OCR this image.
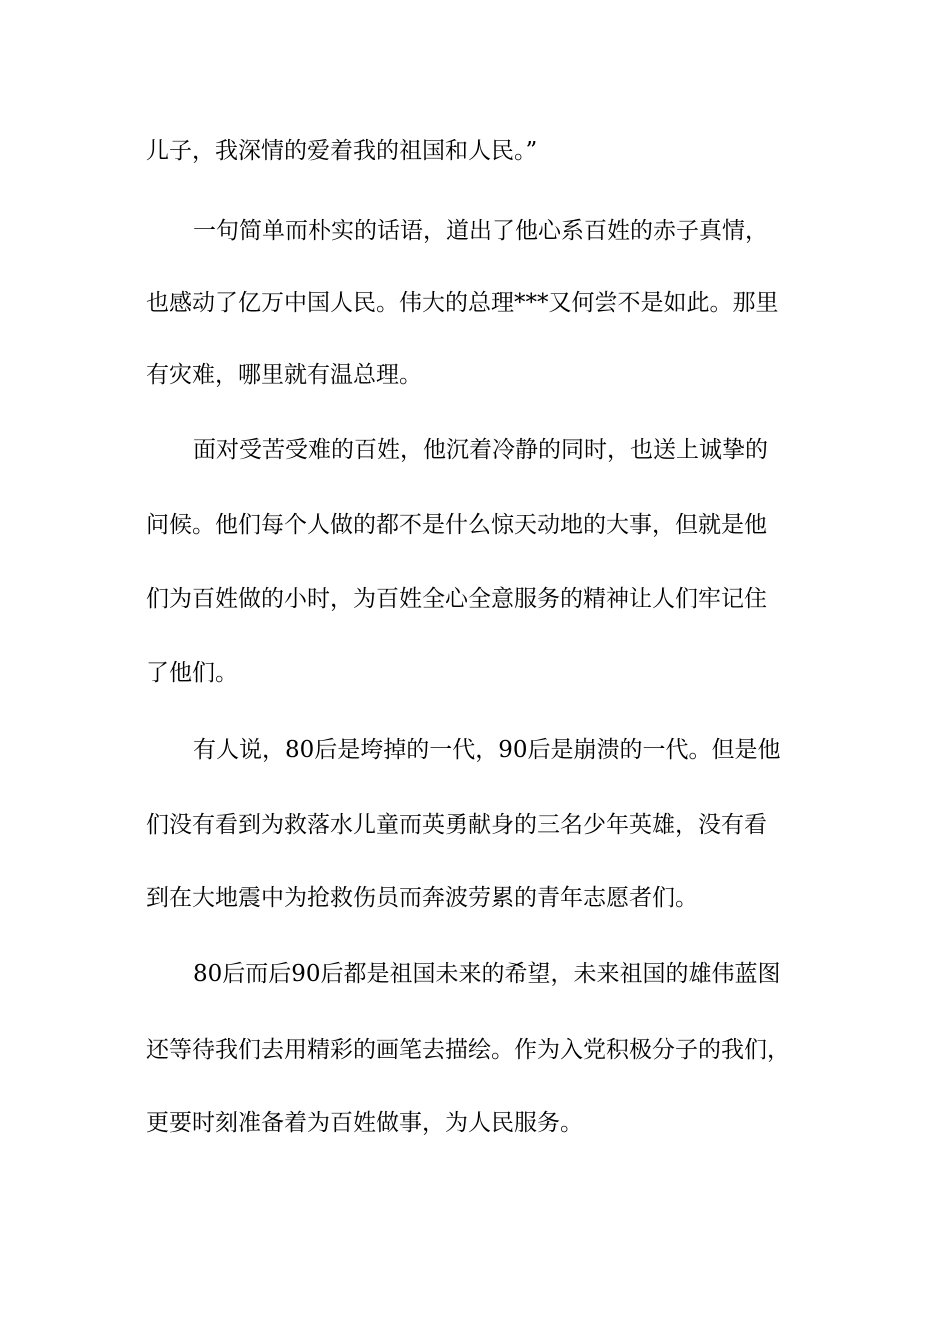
儿子，我深情的爱着我的祖国和人民。”
一句简单而朴实的话语，道出了他心系百姓的赤子真情，
也感动了亿万中国人民。伟大的总理***又何尝不是如此。那里
有灾难，哪里就有温总理。
面对受苦受难的百姓，他沉着冷静的同时，也送上诚挚的
问候。他们每个人做的都不是什么惊天动地的大事，但就是他
们为百姓做的小时，为百姓全心全意服务的精神让人们牢记住
了他们。
有人说，80后是垮掉的一代，90后是崩溃的一代。但是他
们没有看到为救落水儿童而英勇献身的三名少年英雄，没有看
到在大地震中为抢救伤员而奔波劳累的青年志愿者们。
80后而后90后都是祖国未来的希望，未来祖国的雄伟蓝图
还等待我们去用精彩的画笔去描绘。作为入党积极分子的我们，
更要时刻准备着为百姓做事，为人民服务。
